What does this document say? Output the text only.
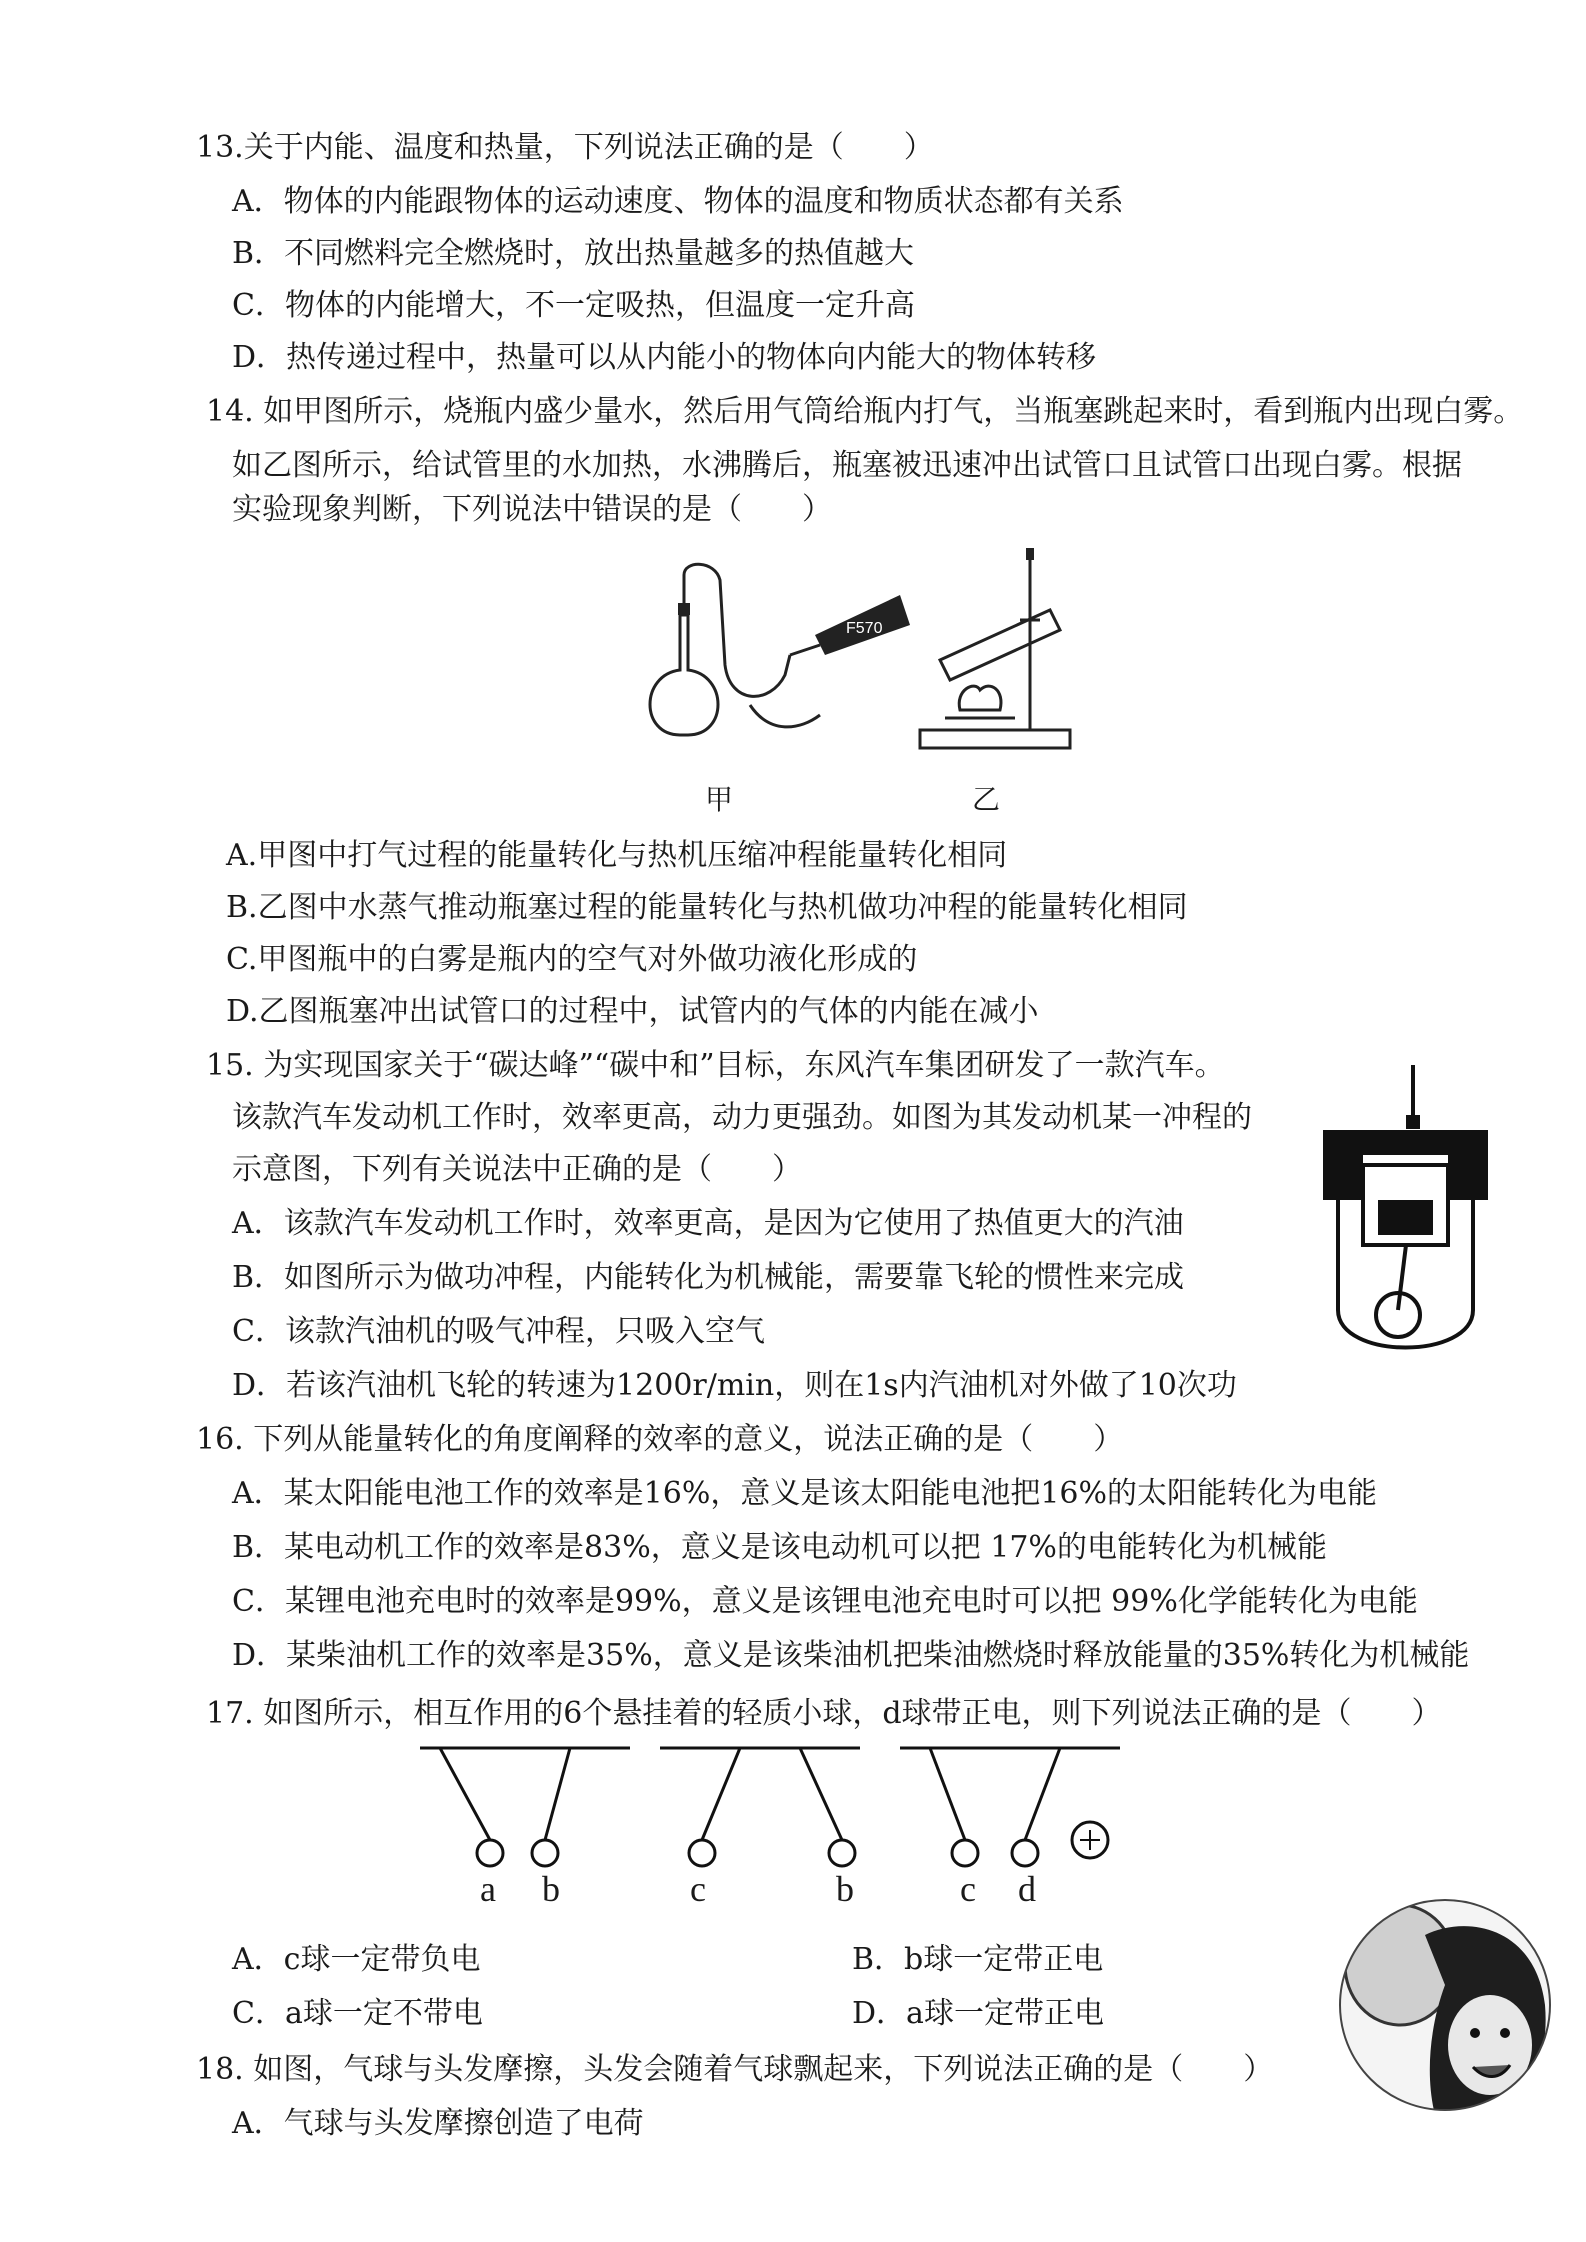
13.关于内能、温度和热量，下列说法正确的是（　　）
A．物体的内能跟物体的运动速度、物体的温度和物质状态都有关系
B．不同燃料完全燃烧时，放出热量越多的热值越大
C．物体的内能增大，不一定吸热，但温度一定升高
D．热传递过程中，热量可以从内能小的物体向内能大的物体转移
14. 如甲图所示，烧瓶内盛少量水，然后用气筒给瓶内打气，当瓶塞跳起来时，看到瓶内出现白雾。
如乙图所示，给试管里的水加热，水沸腾后，瓶塞被迅速冲出试管口且试管口出现白雾。根据
实验现象判断，下列说法中错误的是（　　）
F570
甲	乙
A.甲图中打气过程的能量转化与热机压缩冲程能量转化相同
B.乙图中水蒸气推动瓶塞过程的能量转化与热机做功冲程的能量转化相同
C.甲图瓶中的白雾是瓶内的空气对外做功液化形成的
D.乙图瓶塞冲出试管口的过程中，试管内的气体的内能在减小
15. 为实现国家关于“碳达峰”“碳中和”目标，东风汽车集团研发了一款汽车。
该款汽车发动机工作时，效率更高，动力更强劲。如图为其发动机某一冲程的
示意图，下列有关说法中正确的是（　　）
A．该款汽车发动机工作时，效率更高，是因为它使用了热值更大的汽油
B．如图所示为做功冲程，内能转化为机械能，需要靠飞轮的惯性来完成
C．该款汽油机的吸气冲程，只吸入空气
D．若该汽油机飞轮的转速为1200r/min，则在1s内汽油机对外做了10次功
16. 下列从能量转化的角度阐释的效率的意义，说法正确的是（　　）
A．某太阳能电池工作的效率是16%，意义是该太阳能电池把16%的太阳能转化为电能
B．某电动机工作的效率是83%，意义是该电动机可以把 17%的电能转化为机械能
C．某锂电池充电时的效率是99%，意义是该锂电池充电时可以把 99%化学能转化为电能
D．某柴油机工作的效率是35%，意义是该柴油机把柴油燃烧时释放能量的35%转化为机械能
17. 如图所示，相互作用的6个悬挂着的轻质小球，d球带正电，则下列说法正确的是（　　）
a b	c	b	c d
A．c球一定带负电	B．b球一定带正电
C．a球一定不带电	D．a球一定带正电
18. 如图，气球与头发摩擦，头发会随着气球飘起来，下列说法正确的是（　　）
A．气球与头发摩擦创造了电荷
